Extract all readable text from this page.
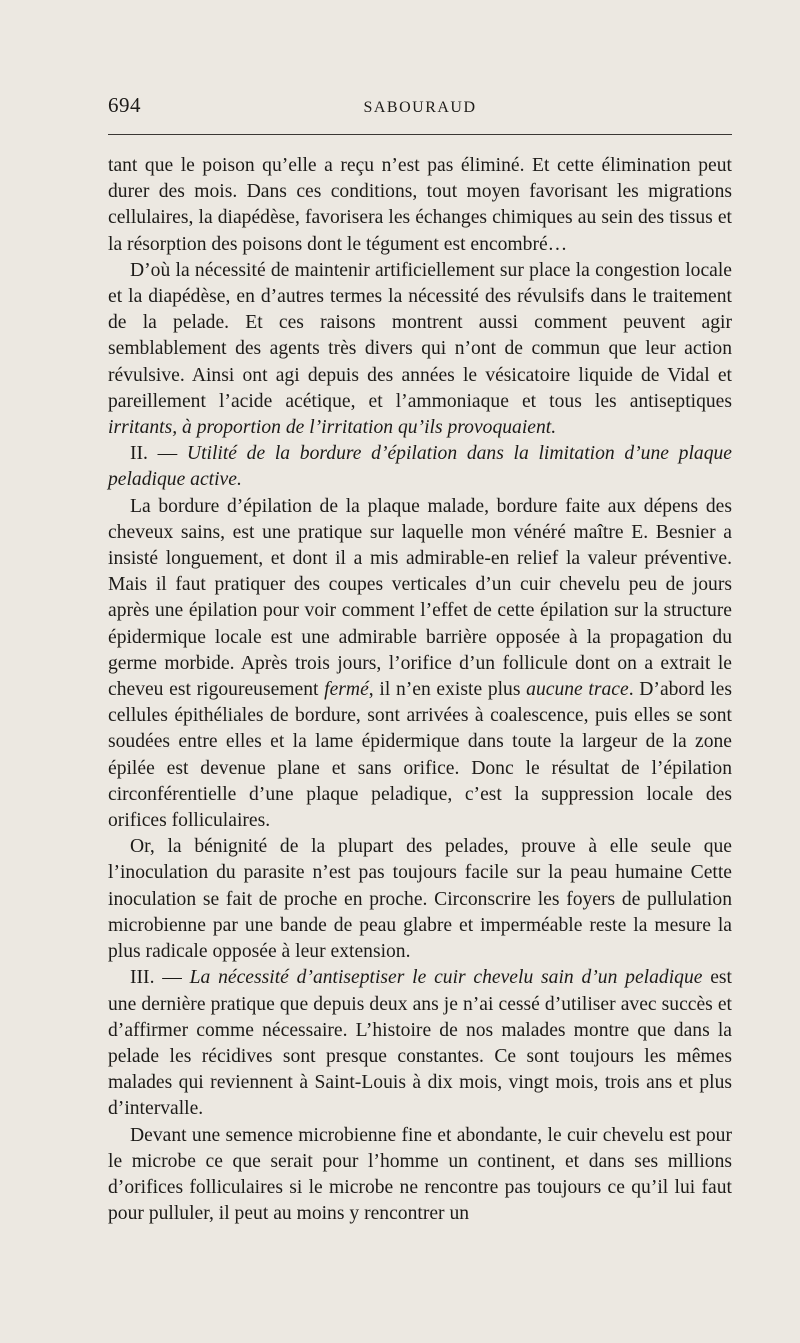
694	SABOURAUD

tant que le poison qu’elle a reçu n’est pas éliminé. Et cette élimination peut durer des mois. Dans ces conditions, tout moyen favorisant les migrations cellulaires, la diapédèse, favorisera les échanges chimiques au sein des tissus et la résorption des poisons dont le tégument est encombré…

D’où la nécessité de maintenir artificiellement sur place la congestion locale et la diapédèse, en d’autres termes la nécessité des révulsifs dans le traitement de la pelade. Et ces raisons montrent aussi comment peuvent agir semblablement des agents très divers qui n’ont de commun que leur action révulsive. Ainsi ont agi depuis des années le vésicatoire liquide de Vidal et pareillement l’acide acétique, et l’ammoniaque et tous les antiseptiques irritants, à proportion de l’irritation qu’ils provoquaient.

II. — Utilité de la bordure d’épilation dans la limitation d’une plaque peladique active.

La bordure d’épilation de la plaque malade, bordure faite aux dépens des cheveux sains, est une pratique sur laquelle mon vénéré maître E. Besnier a insisté longuement, et dont il a mis admirable-en relief la valeur préventive. Mais il faut pratiquer des coupes verticales d’un cuir chevelu peu de jours après une épilation pour voir comment l’effet de cette épilation sur la structure épidermique locale est une admirable barrière opposée à la propagation du germe morbide. Après trois jours, l’orifice d’un follicule dont on a extrait le cheveu est rigoureusement fermé, il n’en existe plus aucune trace. D’abord les cellules épithéliales de bordure, sont arrivées à coalescence, puis elles se sont soudées entre elles et la lame épidermique dans toute la largeur de la zone épilée est devenue plane et sans orifice. Donc le résultat de l’épilation circonférentielle d’une plaque peladique, c’est la suppression locale des orifices folliculaires.

Or, la bénignité de la plupart des pelades, prouve à elle seule que l’inoculation du parasite n’est pas toujours facile sur la peau humaine Cette inoculation se fait de proche en proche. Circonscrire les foyers de pullulation microbienne par une bande de peau glabre et imperméable reste la mesure la plus radicale opposée à leur extension.

III. — La nécessité d’antiseptiser le cuir chevelu sain d’un peladique est une dernière pratique que depuis deux ans je n’ai cessé d’utiliser avec succès et d’affirmer comme nécessaire. L’histoire de nos malades montre que dans la pelade les récidives sont presque constantes. Ce sont toujours les mêmes malades qui reviennent à Saint-Louis à dix mois, vingt mois, trois ans et plus d’intervalle.

Devant une semence microbienne fine et abondante, le cuir chevelu est pour le microbe ce que serait pour l’homme un continent, et dans ses millions d’orifices folliculaires si le microbe ne rencontre pas toujours ce qu’il lui faut pour pulluler, il peut au moins y rencontrer un
